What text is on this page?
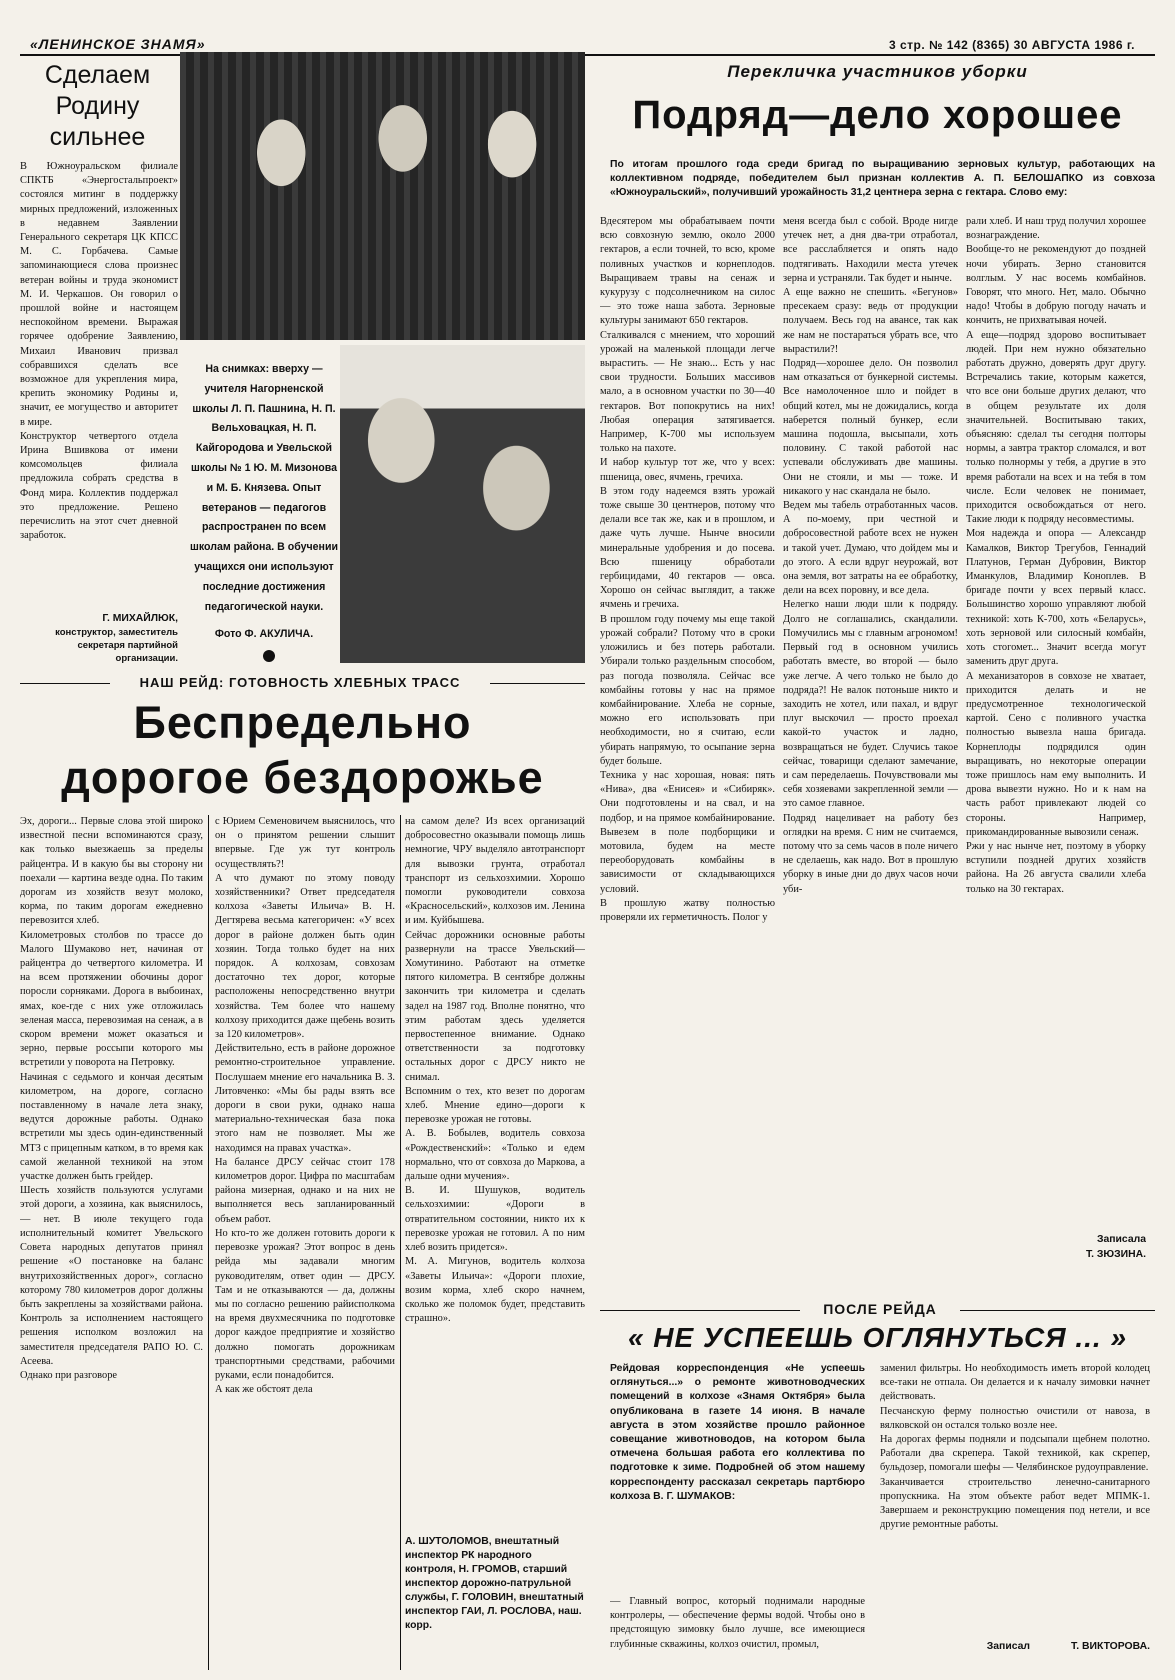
«ЛЕНИНСКОЕ ЗНАМЯ»	3 стр. № 142 (8365) 30 АВГУСТА 1986 г.
Сделаем Родину сильнее
В Южноуральском филиале СПКТБ «Энергостальпроект» состоялся митинг в поддержку мирных предложений, изложенных в недавнем Заявлении Генерального секретаря ЦК КПСС М. С. Горбачева. Самые запоминающиеся слова произнес ветеран войны и труда экономист М. И. Черкашов. Он говорил о прошлой войне и настоящем неспокойном времени. Выражая горячее одобрение Заявлению, Михаил Иванович призвал собравшихся сделать все возможное для укрепления мира, крепить экономику Родины и, значит, ее могущество и авторитет в мире.
Конструктор четвертого отдела Ирина Вшивкова от имени комсомольцев филиала предложила собрать средства в Фонд мира. Коллектив поддержал это предложение. Решено перечислить на этот счет дневной заработок.
Г. МИХАЙЛЮК,
конструктор, заместитель секретаря партийной организации.
На снимках: вверху — учителя Нагорненской школы Л. П. Пашнина, Н. П. Вельховацкая, Н. П. Кайгородова и Увельской школы № 1 Ю. М. Мизонова и М. Б. Князева. Опыт ветеранов — педагогов распространен по всем школам района. В обучении учащихся они используют последние достижения педагогической науки.
Фото Ф. АКУЛИЧА.
НАШ РЕЙД: ГОТОВНОСТЬ ХЛЕБНЫХ ТРАСС
Беспредельно
дорогое бездорожье
Эх, дороги... Первые слова этой широко известной песни вспоминаются сразу, как только выезжаешь за пределы райцентра. И в какую бы вы сторону ни поехали — картина везде одна. По таким дорогам из хозяйств везут молоко, корма, по таким дорогам ежедневно перевозится хлеб.
Километровых столбов по трассе до Малого Шумаково нет, начиная от райцентра до четвертого километра. И на всем протяжении обочины дорог поросли сорняками. Дорога в выбоинах, ямах, кое-где с них уже отложилась зеленая масса, перевозимая на сенаж, а в скором времени может оказаться и зерно, первые россыпи которого мы встретили у поворота на Петровку.
Начиная с седьмого и кончая десятым километром, на дороге, согласно поставленному в начале лета знаку, ведутся дорожные работы. Однако встретили мы здесь один-единственный МТЗ с прицепным катком, в то время как самой желанной техникой на этом участке должен быть грейдер.
Шесть хозяйств пользуются услугами этой дороги, а хозяина, как выяснилось, — нет. В июле текущего года исполнительный комитет Увельского Совета народных депутатов принял решение «О постановке на баланс внутрихозяйственных дорог», согласно которому 780 километров дорог должны быть закреплены за хозяйствами района. Контроль за исполнением настоящего решения исполком возложил на заместителя председателя РАПО Ю. С. Асеева.
Однако при разговоре
с Юрием Семеновичем выяснилось, что он о принятом решении слышит впервые. Где уж тут контроль осуществлять?!
А что думают по этому поводу хозяйственники? Ответ председателя колхоза «Заветы Ильича» В. Н. Дегтярева весьма категоричен: «У всех дорог в районе должен быть один хозяин. Тогда только будет на них порядок. А колхозам, совхозам достаточно тех дорог, которые расположены непосредственно внутри хозяйства. Тем более что нашему колхозу приходится даже щебень возить за 120 километров».
Действительно, есть в районе дорожное ремонтно-строительное управление. Послушаем мнение его начальника В. З. Литовченко: «Мы бы рады взять все дороги в свои руки, однако наша материально-техническая база пока этого нам не позволяет. Мы же находимся на правах участка».
На балансе ДРСУ сейчас стоит 178 километров дорог. Цифра по масштабам района мизерная, однако и на них не выполняется весь запланированный объем работ.
Но кто-то же должен готовить дороги к перевозке урожая? Этот вопрос в день рейда мы задавали многим руководителям, ответ один — ДРСУ. Там и не отказываются — да, должны мы по согласно решению райисполкома на время двухмесячника по подготовке дорог каждое предприятие и хозяйство должно помогать дорожникам транспортными средствами, рабочими руками, если понадобится.
А как же обстоят дела
на самом деле? Из всех организаций добросовестно оказывали помощь лишь немногие, ЧРУ выделяло автотранспорт для вывозки грунта, отработал транспорт из сельхозхимии. Хорошо помогли руководители совхоза «Красносельский», колхозов им. Ленина и им. Куйбышева.
Сейчас дорожники основные работы развернули на трассе Увельский—Хомутинино. Работают на отметке пятого километра. В сентябре должны закончить три километра и сделать задел на 1987 год. Вполне понятно, что этим работам здесь уделяется первостепенное внимание. Однако ответственности за подготовку остальных дорог с ДРСУ никто не снимал.
Вспомним о тех, кто везет по дорогам хлеб. Мнение едино—дороги к перевозке урожая не готовы.
А. В. Бобылев, водитель совхоза «Рождественский»: «Только и едем нормально, что от совхоза до Маркова, а дальше одни мучения».
В. И. Шушуков, водитель сельхозхимии: «Дороги в отвратительном состоянии, никто их к перевозке урожая не готовил. А по ним хлеб возить придется».
М. А. Мигунов, водитель колхоза «Заветы Ильича»: «Дороги плохие, возим корма, хлеб скоро начнем, сколько же поломок будет, представить страшно».
А. ШУТОЛОМОВ, внештатный инспектор РК народного контроля, Н. ГРОМОВ, старший инспектор дорожно-патрульной службы, Г. ГОЛОВИН, внештатный инспектор ГАИ, Л. РОСЛОВА, наш. корр.
Перекличка участников уборки
Подряд—дело хорошее
По итогам прошлого года среди бригад по выращиванию зерновых культур, работающих на коллективном подряде, победителем был признан коллектив А. П. БЕЛОШАПКО из совхоза «Южноуральский», получивший урожайность 31,2 центнера зерна с гектара. Слово ему:
Вдесятером мы обрабатываем почти всю совхозную землю, около 2000 гектаров, а если точней, то всю, кроме поливных участков и корнеплодов. Выращиваем травы на сенаж и кукурузу с подсолнечником на силос — это тоже наша забота. Зерновые культуры занимают 650 гектаров.
Сталкивался с мнением, что хороший урожай на маленькой площади легче вырастить. — Не знаю... Есть у нас свои трудности. Больших массивов мало, а в основном участки по 30—40 гектаров. Вот попокрутись на них! Любая операция затягивается. Например, К-700 мы используем только на пахоте.
И набор культур тот же, что у всех: пшеница, овес, ячмень, гречиха.
В этом году надеемся взять урожай тоже свыше 30 центнеров, потому что делали все так же, как и в прошлом, и даже чуть лучше. Нынче вносили минеральные удобрения и до посева. Всю пшеницу обработали гербицидами, 40 гектаров — овса. Хорошо он сейчас выглядит, а также ячмень и гречиха.
В прошлом году почему мы еще такой урожай собрали? Потому что в сроки уложились и без потерь работали. Убирали только раздельным способом, раз погода позволяла. Сейчас все комбайны готовы у нас на прямое комбайнирование. Хлеба не сорные, можно его использовать при необходимости, но я считаю, если убирать напрямую, то осыпание зерна будет больше.
Техника у нас хорошая, новая: пять «Нива», два «Енисея» и «Сибиряк». Они подготовлены и на свал, и на подбор, и на прямое комбайнирование. Вывезем в поле подборщики и мотовила, будем на месте переоборудовать комбайны в зависимости от складывающихся условий.
В прошлую жатву полностью проверяли их герметичность. Полог у
меня всегда был с собой. Вроде нигде утечек нет, а дня два-три отработал, все расслабляется и опять надо подтягивать. Находили места утечек зерна и устраняли. Так будет и нынче.
А еще важно не спешить. «Бегунов» пресекаем сразу: ведь от продукции получаем. Весь год на авансе, так как же нам не постараться убрать все, что вырастили?!
Подряд—хорошее дело. Он позволил нам отказаться от бункерной системы. Все намолоченное шло и пойдет в общий котел, мы не дожидались, когда наберется полный бункер, если машина подошла, высыпали, хоть половину. С такой работой нас успевали обслуживать две машины. Они не стояли, и мы — тоже. И никакого у нас скандала не было.
Ведем мы табель отработанных часов. А по-моему, при честной и добросовестной работе всех не нужен и такой учет. Думаю, что дойдем мы и до этого. А если вдруг неурожай, вот она земля, вот затраты на ее обработку, дели на всех поровну, и все дела.
Нелегко наши люди шли к подряду. Долго не соглашались, скандалили. Помучились мы с главным агрономом! Первый год в основном учились работать вместе, во второй — было уже легче. А чего только не было до подряда?! Не валок потоньше никто и заходить не хотел, или пахал, и вдруг плуг выскочил — просто проехал какой-то участок и ладно, возвращаться не будет. Случись такое сейчас, товарищи сделают замечание, и сам переделаешь. Почувствовали мы себя хозяевами закрепленной земли — это самое главное.
Подряд нацеливает на работу без оглядки на время. С ним не считаемся, потому что за семь часов в поле ничего не сделаешь, как надо. Вот в прошлую уборку в иные дни до двух часов ночи уби-
рали хлеб. И наш труд получил хорошее вознаграждение.
Вообще-то не рекомендуют до поздней ночи убирать. Зерно становится волглым. У нас восемь комбайнов. Говорят, что много. Нет, мало. Обычно надо! Чтобы в добрую погоду начать и кончить, не прихватывая ночей.
А еще—подряд здорово воспитывает людей. При нем нужно обязательно работать дружно, доверять друг другу. Встречались такие, которым кажется, что все они больше других делают, что в общем результате их доля значительней. Воспитываю таких, объясняю: сделал ты сегодня полторы нормы, а завтра трактор сломался, и вот только полнормы у тебя, а другие в это время работали на всех и на тебя в том числе. Если человек не понимает, приходится освобождаться от него. Такие люди к подряду несовместимы.
Моя надежда и опора — Александр Камалков, Виктор Трегубов, Геннадий Платунов, Герман Дубровин, Виктор Иманкулов, Владимир Коноплев. В бригаде почти у всех первый класс. Большинство хорошо управляют любой техникой: хоть К-700, хоть «Беларусь», хоть зерновой или силосный комбайн, хоть стогомет... Значит всегда могут заменить друг друга.
А механизаторов в совхозе не хватает, приходится делать и не предусмотренное технологической картой. Сено с поливного участка полностью вывезла наша бригада. Корнеплоды подрядился один выращивать, но некоторые операции тоже пришлось нам ему выполнить. И дрова вывезти нужно. Но и к нам на часть работ привлекают людей со стороны. Например, прикомандированные вывозили сенаж.
Ржи у нас нынче нет, поэтому в уборку вступили поздней других хозяйств района. На 26 августа свалили хлеба только на 30 гектарах.
Записала
Т. ЗЮЗИНА.
ПОСЛЕ РЕЙДА
« НЕ УСПЕЕШЬ ОГЛЯНУТЬСЯ ... »
Рейдовая корреспонденция «Не успеешь оглянуться...» о ремонте животноводческих помещений в колхозе «Знамя Октября» была опубликована в газете 14 июня. В начале августа в этом хозяйстве прошло районное совещание животноводов, на котором была отмечена большая работа его коллектива по подготовке к зиме. Подробней об этом нашему корреспонденту рассказал секретарь партбюро колхоза В. Г. ШУМАКОВ:
— Главный вопрос, который поднимали народные контролеры, — обеспечение фермы водой. Чтобы оно в предстоящую зимовку было лучше, все имеющиеся глубинные скважины, колхоз очистил, промыл,
заменил фильтры. Но необходимость иметь второй колодец все-таки не отпала. Он делается и к началу зимовки начнет действовать.
Песчанскую ферму полностью очистили от навоза, в вялковской он остался только возле нее.
На дорогах фермы подняли и подсыпали щебнем полотно. Работали два скрепера. Такой техникой, как скрепер, бульдозер, помогали шефы — Челябинское рудоуправление.
Заканчивается строительство ленечно-санитарного пропускника. На этом объекте работ ведет МПМК-1. Завершаем и реконструкцию помещения под нетели, и все другие ремонтные работы.
Записал	Т. ВИКТОРОВА.
